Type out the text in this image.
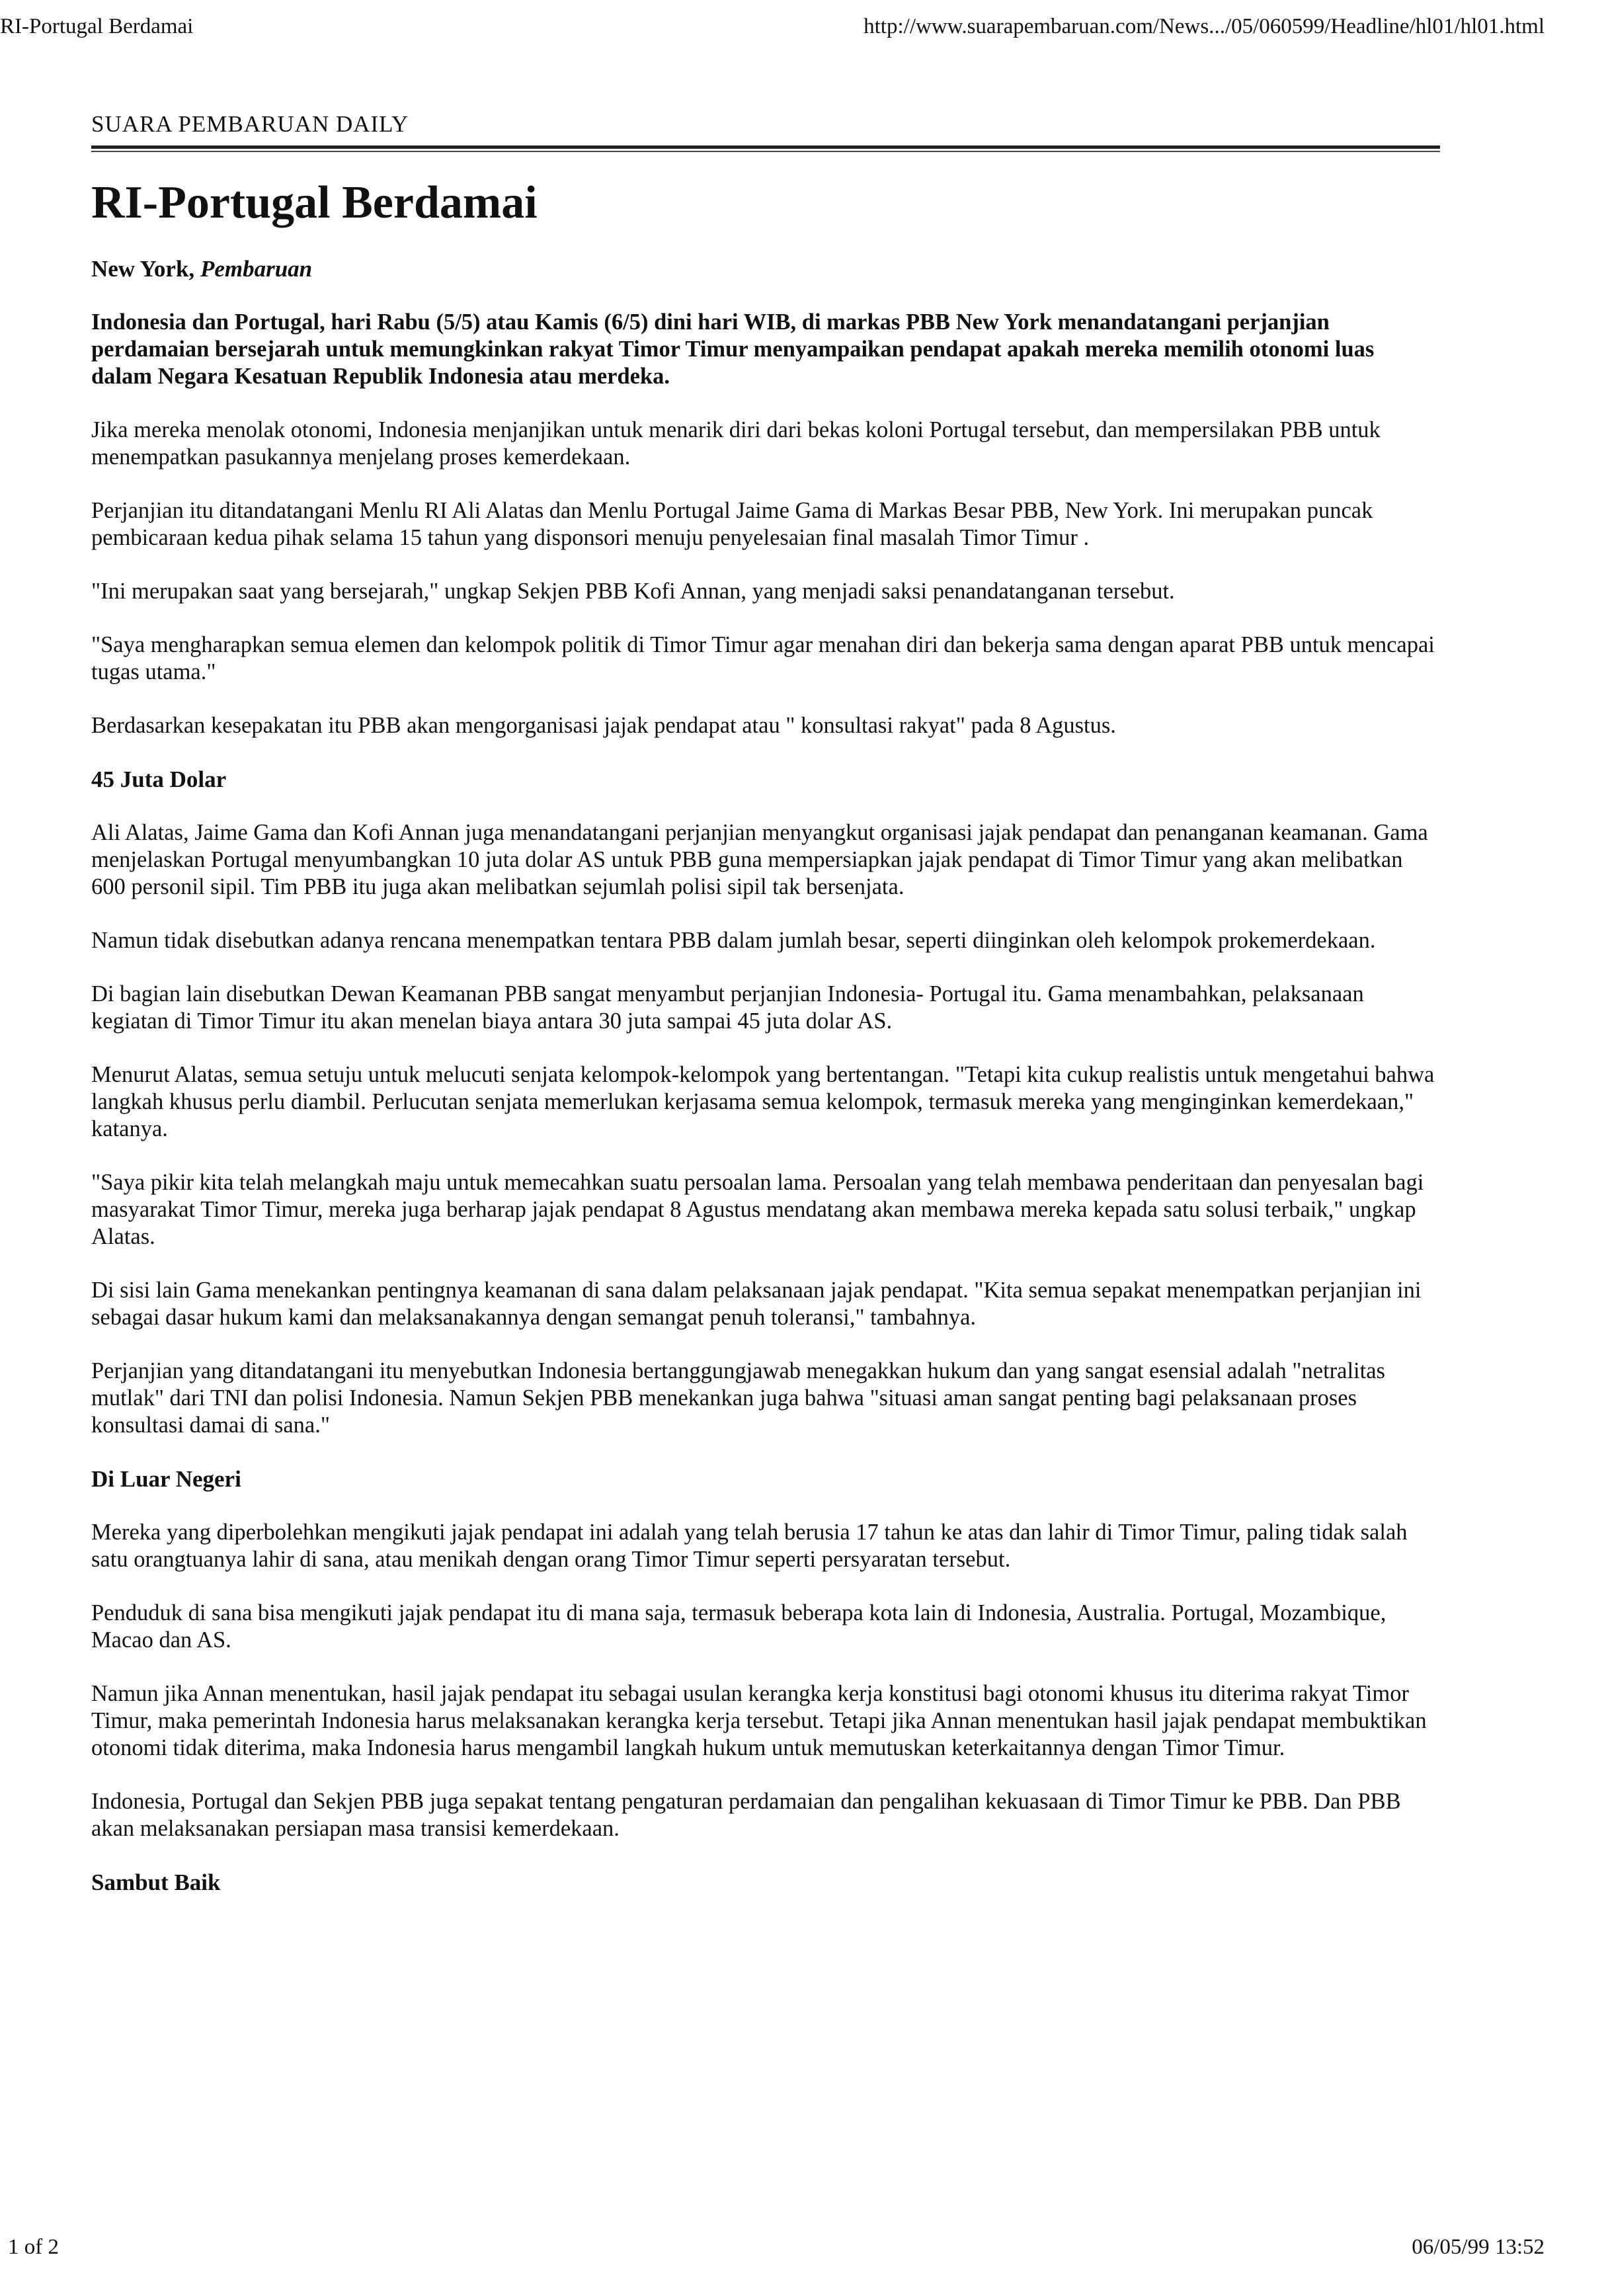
RI-Portugal Berdamai	http://www.suarapembaruan.com/News.../05/060599/Headline/hl01/hl01.html
SUARA PEMBARUAN DAILY
RI-Portugal Berdamai
New York, Pembaruan
Indonesia dan Portugal, hari Rabu (5/5) atau Kamis (6/5) dini hari WIB, di markas PBB New York menandatangani perjanjian perdamaian bersejarah untuk memungkinkan rakyat Timor Timur menyampaikan pendapat apakah mereka memilih otonomi luas dalam Negara Kesatuan Republik Indonesia atau merdeka.
Jika mereka menolak otonomi, Indonesia menjanjikan untuk menarik diri dari bekas koloni Portugal tersebut, dan mempersilakan PBB untuk menempatkan pasukannya menjelang proses kemerdekaan.
Perjanjian itu ditandatangani Menlu RI Ali Alatas dan Menlu Portugal Jaime Gama di Markas Besar PBB, New York. Ini merupakan puncak pembicaraan kedua pihak selama 15 tahun yang disponsori menuju penyelesaian final masalah Timor Timur .
"Ini merupakan saat yang bersejarah," ungkap Sekjen PBB Kofi Annan, yang menjadi saksi penandatanganan tersebut.
"Saya mengharapkan semua elemen dan kelompok politik di Timor Timur agar menahan diri dan bekerja sama dengan aparat PBB untuk mencapai tugas utama."
Berdasarkan kesepakatan itu PBB akan mengorganisasi jajak pendapat atau " konsultasi rakyat" pada 8 Agustus.
45 Juta Dolar
Ali Alatas, Jaime Gama dan Kofi Annan juga menandatangani perjanjian menyangkut organisasi jajak pendapat dan penanganan keamanan. Gama menjelaskan Portugal menyumbangkan 10 juta dolar AS untuk PBB guna mempersiapkan jajak pendapat di Timor Timur yang akan melibatkan 600 personil sipil. Tim PBB itu juga akan melibatkan sejumlah polisi sipil tak bersenjata.
Namun tidak disebutkan adanya rencana menempatkan tentara PBB dalam jumlah besar, seperti diinginkan oleh kelompok prokemerdekaan.
Di bagian lain disebutkan Dewan Keamanan PBB sangat menyambut perjanjian Indonesia- Portugal itu. Gama menambahkan, pelaksanaan kegiatan di Timor Timur itu akan menelan biaya antara 30 juta sampai 45 juta dolar AS.
Menurut Alatas, semua setuju untuk melucuti senjata kelompok-kelompok yang bertentangan. "Tetapi kita cukup realistis untuk mengetahui bahwa langkah khusus perlu diambil. Perlucutan senjata memerlukan kerjasama semua kelompok, termasuk mereka yang menginginkan kemerdekaan," katanya.
"Saya pikir kita telah melangkah maju untuk memecahkan suatu persoalan lama. Persoalan yang telah membawa penderitaan dan penyesalan bagi masyarakat Timor Timur, mereka juga berharap jajak pendapat 8 Agustus mendatang akan membawa mereka kepada satu solusi terbaik," ungkap Alatas.
Di sisi lain Gama menekankan pentingnya keamanan di sana dalam pelaksanaan jajak pendapat. "Kita semua sepakat menempatkan perjanjian ini sebagai dasar hukum kami dan melaksanakannya dengan semangat penuh toleransi," tambahnya.
Perjanjian yang ditandatangani itu menyebutkan Indonesia bertanggungjawab menegakkan hukum dan yang sangat esensial adalah "netralitas mutlak" dari TNI dan polisi Indonesia. Namun Sekjen PBB menekankan juga bahwa "situasi aman sangat penting bagi pelaksanaan proses konsultasi damai di sana."
Di Luar Negeri
Mereka yang diperbolehkan mengikuti jajak pendapat ini adalah yang telah berusia 17 tahun ke atas dan lahir di Timor Timur, paling tidak salah satu orangtuanya lahir di sana, atau menikah dengan orang Timor Timur seperti persyaratan tersebut.
Penduduk di sana bisa mengikuti jajak pendapat itu di mana saja, termasuk beberapa kota lain di Indonesia, Australia. Portugal, Mozambique, Macao dan AS.
Namun jika Annan menentukan, hasil jajak pendapat itu sebagai usulan kerangka kerja konstitusi bagi otonomi khusus itu diterima rakyat Timor Timur, maka pemerintah Indonesia harus melaksanakan kerangka kerja tersebut. Tetapi jika Annan menentukan hasil jajak pendapat membuktikan otonomi tidak diterima, maka Indonesia harus mengambil langkah hukum untuk memutuskan keterkaitannya dengan Timor Timur.
Indonesia, Portugal dan Sekjen PBB juga sepakat tentang pengaturan perdamaian dan pengalihan kekuasaan di Timor Timur ke PBB. Dan PBB akan melaksanakan persiapan masa transisi kemerdekaan.
Sambut Baik
1 of 2	06/05/99 13:52
